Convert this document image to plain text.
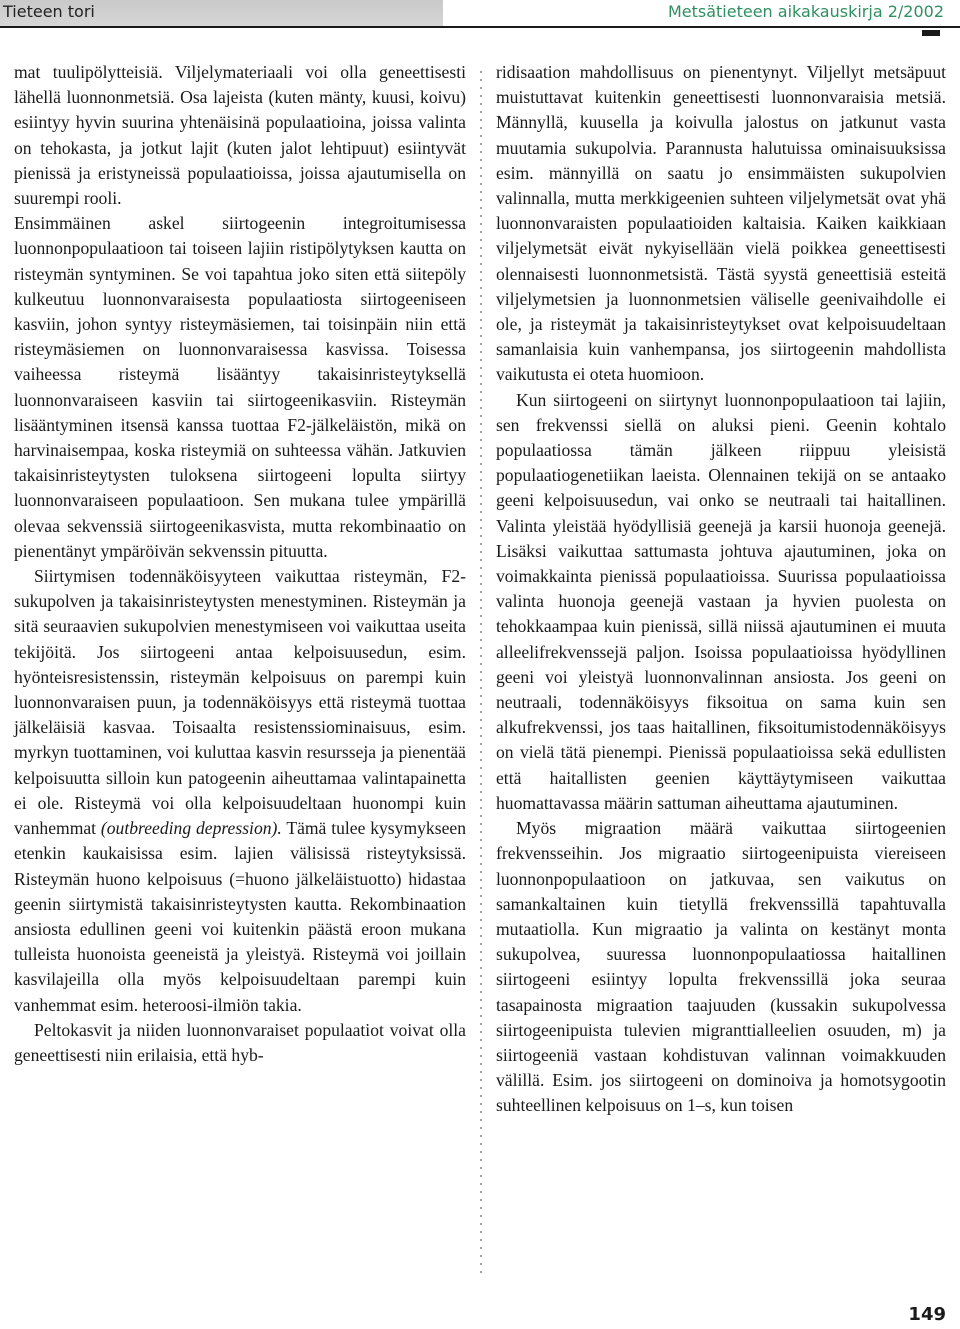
Tieteen tori	Metsätieteen aikakauskirja 2/2002

mat tuulipölytteisiä. Viljelymateriaali voi olla geneettisesti lähellä luonnonmetsiä. Osa lajeista (kuten mänty, kuusi, koivu) esiintyy hyvin suurina yhtenäisinä populaatioina, joissa valinta on tehokasta, ja jotkut lajit (kuten jalot lehtipuut) esiintyvät pienissä ja eristyneissä populaatioissa, joissa ajautumisella on suurempi rooli.

Ensimmäinen askel siirtogeenin integroitumisessa luonnonpopulaatioon tai toiseen lajiin ristipölytyksen kautta on risteymän syntyminen. Se voi tapahtua joko siten että siitepöly kulkeutuu luonnonvaraisesta populaatiosta siirtogeeniseen kasviin, johon syntyy risteymäsiemen, tai toisinpäin niin että risteymäsiemen on luonnonvaraisessa kasvissa. Toisessa vaiheessa risteymä lisääntyy takaisinristeytyksellä luonnonvaraiseen kasviin tai siirtogeenikasviin. Risteymän lisääntyminen itsensä kanssa tuottaa F2-jälkeläistön, mikä on harvinaisempaa, koska risteymiä on suhteessa vähän. Jatkuvien takaisinristeytysten tuloksena siirtogeeni lopulta siirtyy luonnonvaraiseen populaatioon. Sen mukana tulee ympärillä olevaa sekvenssiä siirtogeenikasvista, mutta rekombinaatio on pienentänyt ympäröivän sekvenssin pituutta.

Siirtymisen todennäköisyyteen vaikuttaa risteymän, F2-sukupolven ja takaisinristeytysten menestyminen. Risteymän ja sitä seuraavien sukupolvien menestymiseen voi vaikuttaa useita tekijöitä. Jos siirtogeeni antaa kelpoisuusedun, esim. hyönteisresistenssin, risteymän kelpoisuus on parempi kuin luonnonvaraisen puun, ja todennäköisyys että risteymä tuottaa jälkeläisiä kasvaa. Toisaalta resistenssiominaisuus, esim. myrkyn tuottaminen, voi kuluttaa kasvin resursseja ja pienentää kelpoisuutta silloin kun patogeenin aiheuttamaa valintapainetta ei ole. Risteymä voi olla kelpoisuudeltaan huonompi kuin vanhemmat (outbreeding depression). Tämä tulee kysymykseen etenkin kaukaisissa esim. lajien välisissä risteytyksissä. Risteymän huono kelpoisuus (=huono jälkeläistuotto) hidastaa geenin siirtymistä takaisinristeytysten kautta. Rekombinaation ansiosta edullinen geeni voi kuitenkin päästä eroon mukana tulleista huonoista geeneistä ja yleistyä. Risteymä voi joillain kasvilajeilla olla myös kelpoisuudeltaan parempi kuin vanhemmat esim. heteroosi-ilmiön takia.

Peltokasvit ja niiden luonnonvaraiset populaatiot voivat olla geneettisesti niin erilaisia, että hyb-

ridisaation mahdollisuus on pienentynyt. Viljellyt metsäpuut muistuttavat kuitenkin geneettisesti luonnonvaraisia metsiä. Männyllä, kuusella ja koivulla jalostus on jatkunut vasta muutamia sukupolvia. Parannusta halutuissa ominaisuuksissa esim. männyillä on saatu jo ensimmäisten sukupolvien valinnalla, mutta merkkigeenien suhteen viljelymetsät ovat yhä luonnonvaraisten populaatioiden kaltaisia. Kaiken kaikkiaan viljelymetsät eivät nykyisellään vielä poikkea geneettisesti olennaisesti luonnonmetsistä. Tästä syystä geneettisiä esteitä viljelymetsien ja luonnonmetsien väliselle geenivaihdolle ei ole, ja risteymät ja takaisinristeytykset ovat kelpoisuudeltaan samanlaisia kuin vanhempansa, jos siirtogeenin mahdollista vaikutusta ei oteta huomioon.

Kun siirtogeeni on siirtynyt luonnonpopulaatioon tai lajiin, sen frekvenssi siellä on aluksi pieni. Geenin kohtalo populaatiossa tämän jälkeen riippuu yleisistä populaatiogenetiikan laeista. Olennainen tekijä on se antaako geeni kelpoisuusedun, vai onko se neutraali tai haitallinen. Valinta yleistää hyödyllisiä geenejä ja karsii huonoja geenejä. Lisäksi vaikuttaa sattumasta johtuva ajautuminen, joka on voimakkainta pienissä populaatioissa. Suurissa populaatioissa valinta huonoja geenejä vastaan ja hyvien puolesta on tehokkaampaa kuin pienissä, sillä niissä ajautuminen ei muuta alleelifrekvenssejä paljon. Isoissa populaatioissa hyödyllinen geeni voi yleistyä luonnonvalinnan ansiosta. Jos geeni on neutraali, todennäköisyys fiksoitua on sama kuin sen alkufrekvenssi, jos taas haitallinen, fiksoitumistodennäköisyys on vielä tätä pienempi. Pienissä populaatioissa sekä edullisten että haitallisten geenien käyttäytymiseen vaikuttaa huomattavassa määrin sattuman aiheuttama ajautuminen.

Myös migraation määrä vaikuttaa siirtogeenien frekvensseihin. Jos migraatio siirtogeenipuista viereiseen luonnonpopulaatioon on jatkuvaa, sen vaikutus on samankaltainen kuin tietyllä frekvenssillä tapahtuvalla mutaatiolla. Kun migraatio ja valinta on kestänyt monta sukupolvea, suuressa luonnonpopulaatiossa haitallinen siirtogeeni esiintyy lopulta frekvenssillä joka seuraa tasapainosta migraation taajuuden (kussakin sukupolvessa siirtogeenipuista tulevien migranttialleelien osuuden, m) ja siirtogeeniä vastaan kohdistuvan valinnan voimakkuuden välillä. Esim. jos siirtogeeni on dominoiva ja homotsygootin suhteellinen kelpoisuus on 1–s, kun toisen

149
